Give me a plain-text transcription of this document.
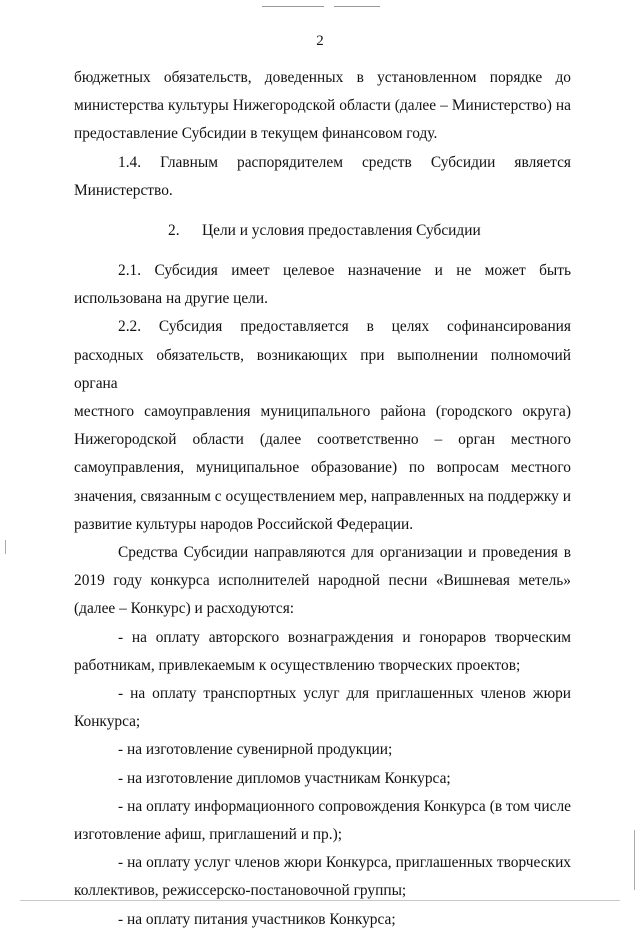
2

бюджетных обязательств, доведенных в установленном порядке до

министерства культуры Нижегородской области (далее – Министерство) на

предоставление Субсидии в текущем финансовом году.

1.4. Главным распорядителем средств Субсидии является

Министерство.

2. Цели и условия предоставления Субсидии

2.1. Субсидия имеет целевое назначение и не может быть

использована на другие цели.

2.2. Субсидия предоставляется в целях софинансирования

расходных обязательств, возникающих при выполнении полномочий органа

местного самоуправления муниципального района (городского округа)

Нижегородской области (далее соответственно – орган местного

самоуправления, муниципальное образование) по вопросам местного

значения, связанным с осуществлением мер, направленных на поддержку и

развитие культуры народов Российской Федерации.

Средства Субсидии направляются для организации и проведения в

2019 году конкурса исполнителей народной песни «Вишневая метель»

(далее – Конкурс) и расходуются:

- на оплату авторского вознаграждения и гонораров творческим

работникам, привлекаемым к осуществлению творческих проектов;

- на оплату транспортных услуг для приглашенных членов жюри

Конкурса;

- на изготовление сувенирной продукции;

- на изготовление дипломов участникам Конкурса;

- на оплату информационного сопровождения Конкурса (в том числе

изготовление афиш, приглашений и пр.);

- на оплату услуг членов жюри Конкурса, приглашенных творческих

коллективов, режиссерско-постановочной группы;

- на оплату питания участников Конкурса;
